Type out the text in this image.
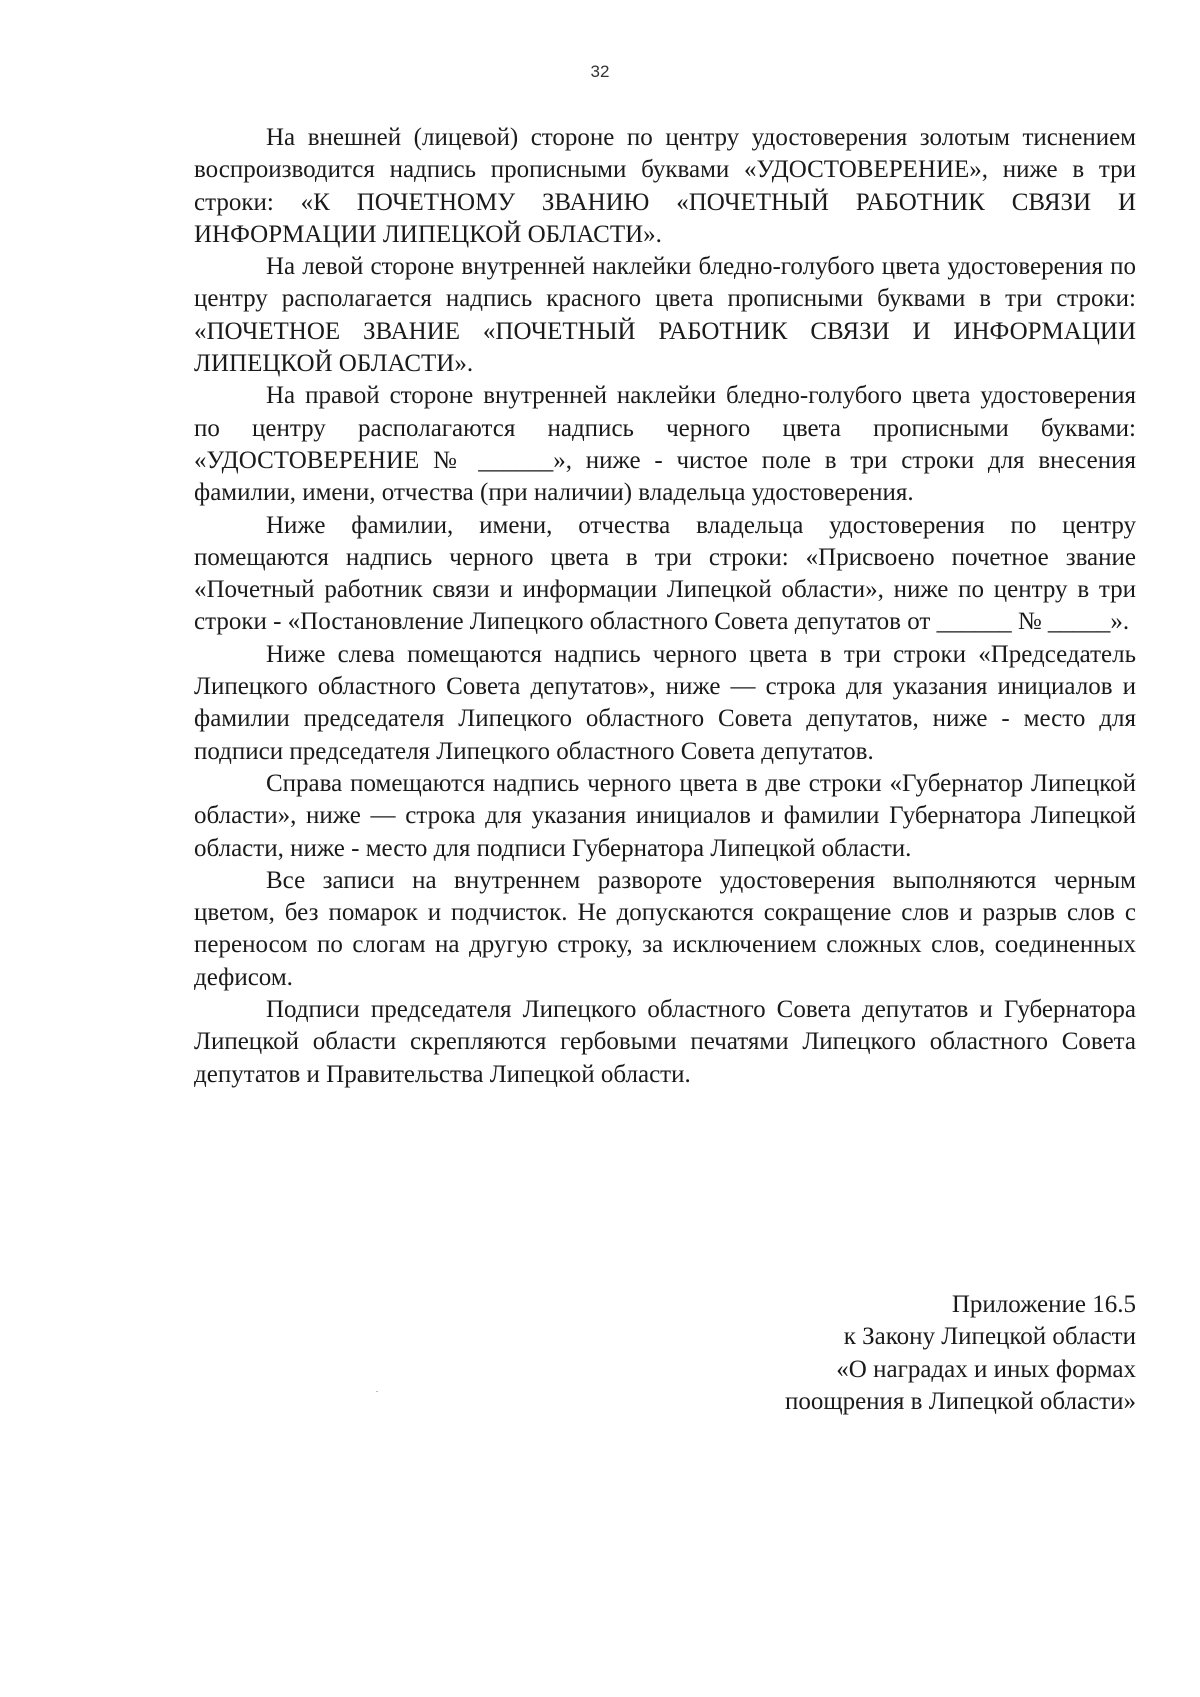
32

На внешней (лицевой) стороне по центру удостоверения золотым тиснением воспроизводится надпись прописными буквами «УДОСТОВЕРЕНИЕ», ниже в три строки: «К ПОЧЕТНОМУ ЗВАНИЮ «ПОЧЕТНЫЙ РАБОТНИК СВЯЗИ И ИНФОРМАЦИИ ЛИПЕЦКОЙ ОБЛАСТИ».

На левой стороне внутренней наклейки бледно-голубого цвета удостоверения по центру располагается надпись красного цвета прописными буквами в три строки: «ПОЧЕТНОЕ ЗВАНИЕ «ПОЧЕТНЫЙ РАБОТНИК СВЯЗИ И ИНФОРМАЦИИ ЛИПЕЦКОЙ ОБЛАСТИ».

На правой стороне внутренней наклейки бледно-голубого цвета удостоверения по центру располагаются надпись черного цвета прописными буквами: «УДОСТОВЕРЕНИЕ № ______», ниже - чистое поле в три строки для внесения фамилии, имени, отчества (при наличии) владельца удостоверения.

Ниже фамилии, имени, отчества владельца удостоверения по центру помещаются надпись черного цвета в три строки: «Присвоено почетное звание «Почетный работник связи и информации Липецкой области», ниже по центру в три строки - «Постановление Липецкого областного Совета депутатов от ______ № _____».

Ниже слева помещаются надпись черного цвета в три строки «Председатель Липецкого областного Совета депутатов», ниже — строка для указания инициалов и фамилии председателя Липецкого областного Совета депутатов, ниже - место для подписи председателя Липецкого областного Совета депутатов.

Справа помещаются надпись черного цвета в две строки «Губернатор Липецкой области», ниже — строка для указания инициалов и фамилии Губернатора Липецкой области, ниже - место для подписи Губернатора Липецкой области.

Все записи на внутреннем развороте удостоверения выполняются черным цветом, без помарок и подчисток. Не допускаются сокращение слов и разрыв слов с переносом по слогам на другую строку, за исключением сложных слов, соединенных дефисом.

Подписи председателя Липецкого областного Совета депутатов и Губернатора Липецкой области скрепляются гербовыми печатями Липецкого областного Совета депутатов и Правительства Липецкой области.

Приложение 16.5
к Закону Липецкой области
«О наградах и иных формах
поощрения в Липецкой области»
